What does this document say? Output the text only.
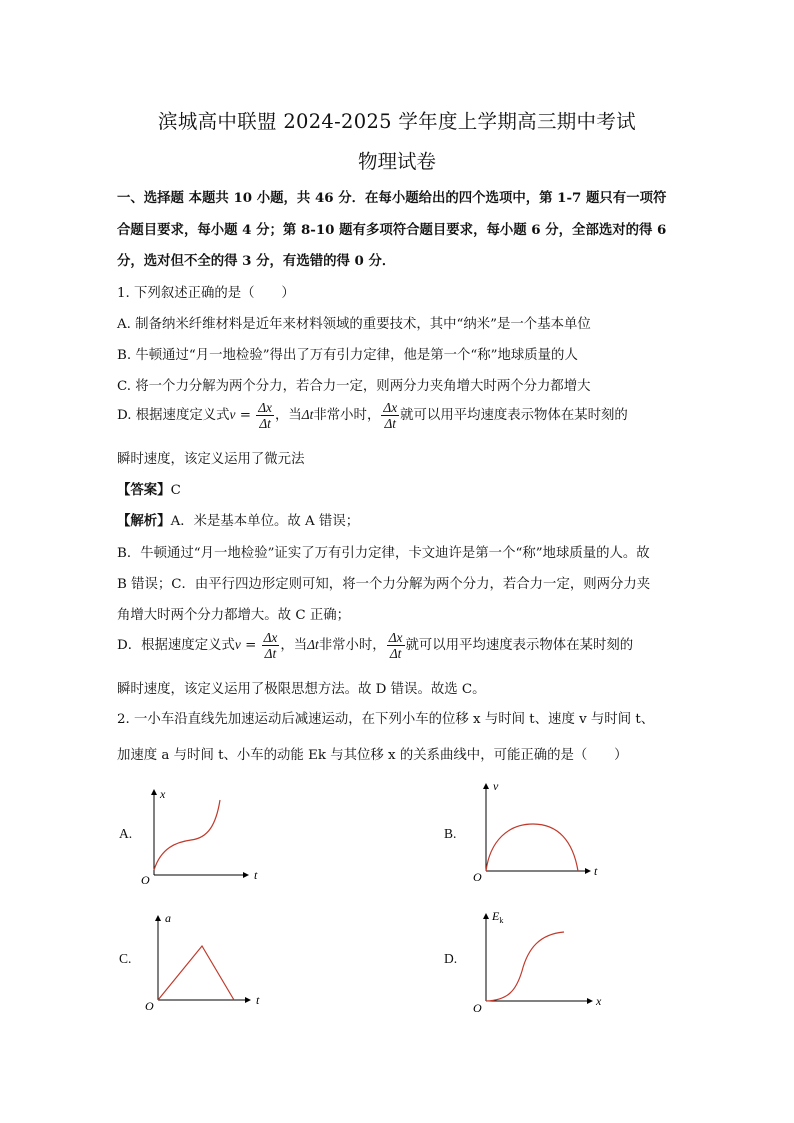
滨城高中联盟 2024-2025 学年度上学期高三期中考试
物理试卷
一、选择题 本题共 10 小题，共 46 分．在每小题给出的四个选项中，第 1-7 题只有一项符
合题目要求，每小题 4 分；第 8-10 题有多项符合题目要求，每小题 6 分，全部选对的得 6
分，选对但不全的得 3 分，有选错的得 0 分．
1. 下列叙述正确的是（　　）
A. 制备纳米纤维材料是近年来材料领域的重要技术，其中“纳米”是一个基本单位
B. 牛顿通过“月一地检验”得出了万有引力定律，他是第一个“称”地球质量的人
C. 将一个力分解为两个分力，若合力一定，则两分力夹角增大时两个分力都增大
D. 根据速度定义式$v = \frac{\Delta x}{\Delta t}$ ，当Δt非常小时， $\frac{\Delta x}{\Delta t}$ 就可以用平均速度表示物体在某时刻的
瞬时速度，该定义运用了微元法
【答案】C
【解析】A．米是基本单位。故 A 错误；
B．牛顿通过“月一地检验”证实了万有引力定律，卡文迪许是第一个“称”地球质量的人。故
B 错误；C．由平行四边形定则可知，将一个力分解为两个分力，若合力一定，则两分力夹
角增大时两个分力都增大。故 C 正确；
D．根据速度定义式$v = \frac{\Delta x}{\Delta t}$ ，当Δt非常小时， $\frac{\Delta x}{\Delta t}$ 就可以用平均速度表示物体在某时刻的
瞬时速度，该定义运用了极限思想方法。故 D 错误。故选 C。
2. 一小车沿直线先加速运动后减速运动，在下列小车的位移 x 与时间 t、速度 v 与时间 t、
加速度 a 与时间 t、小车的动能 Ek 与其位移 x 的关系曲线中，可能正确的是（　　）
A.
x
t
O
B.
v
t
O
C.
a
t
O
D.
$E_k$
x
O
